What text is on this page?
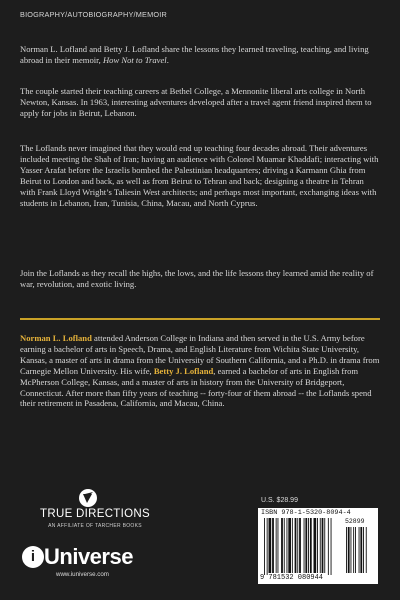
BIOGRAPHY/AUTOBIOGRAPHY/MEMOIR

Norman L. Lofland and Betty J. Lofland share the lessons they learned traveling, teaching, and living abroad in their memoir, How Not to Travel.

The couple started their teaching careers at Bethel College, a Mennonite liberal arts college in North Newton, Kansas. In 1963, interesting adventures developed after a travel agent friend inspired them to apply for jobs in Beirut, Lebanon.

The Loflands never imagined that they would end up teaching four decades abroad. Their adventures included meeting the Shah of Iran; having an audience with Colonel Muamar Khaddafi; interacting with Yasser Arafat before the Israelis bombed the Palestinian headquarters; driving a Karmann Ghia from Beirut to London and back, as well as from Beirut to Tehran and back; designing a theatre in Tehran with Frank Lloyd Wright’s Taliesin West architects; and perhaps most important, exchanging ideas with students in Lebanon, Iran, Tunisia, China, Macau, and North Cyprus.

Join the Loflands as they recall the highs, the lows, and the life lessons they learned amid the reality of war, revolution, and exotic living.

Norman L. Lofland attended Anderson College in Indiana and then served in the U.S. Army before earning a bachelor of arts in Speech, Drama, and English Literature from Wichita State University, Kansas, a master of arts in drama from the University of Southern California, and a Ph.D. in drama from Carnegie Mellon University. His wife, Betty J. Lofland, earned a bachelor of arts in English from McPherson College, Kansas, and a master of arts in history from the University of Bridgeport, Connecticut. After more than fifty years of teaching -- forty-four of them abroad -- the Loflands spend their retirement in Pasadena, California, and Macau, China.
TRUE DIRECTIONS
AN AFFILIATE OF TARCHER BOOKS
i Universe
www.iuniverse.com
U.S. $28.99
ISBN 978-1-5320-8094-4
52899
9 781532 080944
